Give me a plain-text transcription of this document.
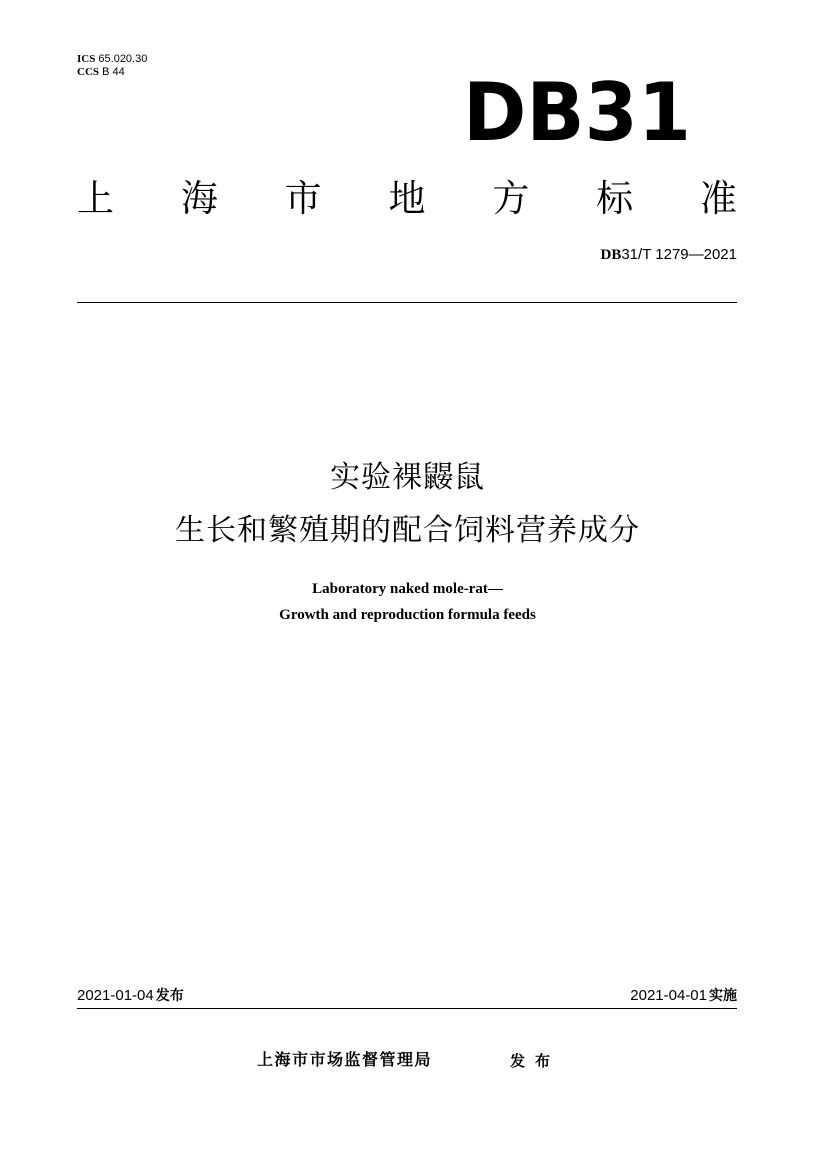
ICS 65.020.30
CCS B 44	DB31
上 海 市 地 方 标 准
DB31/T 1279—2021
实验裸鼹鼠
生长和繁殖期的配合饲料营养成分
Laboratory naked mole-rat—
Growth and reproduction formula feeds
2021-01-04 发布	2021-04-01 实施
上海市市场监督管理局	发布
